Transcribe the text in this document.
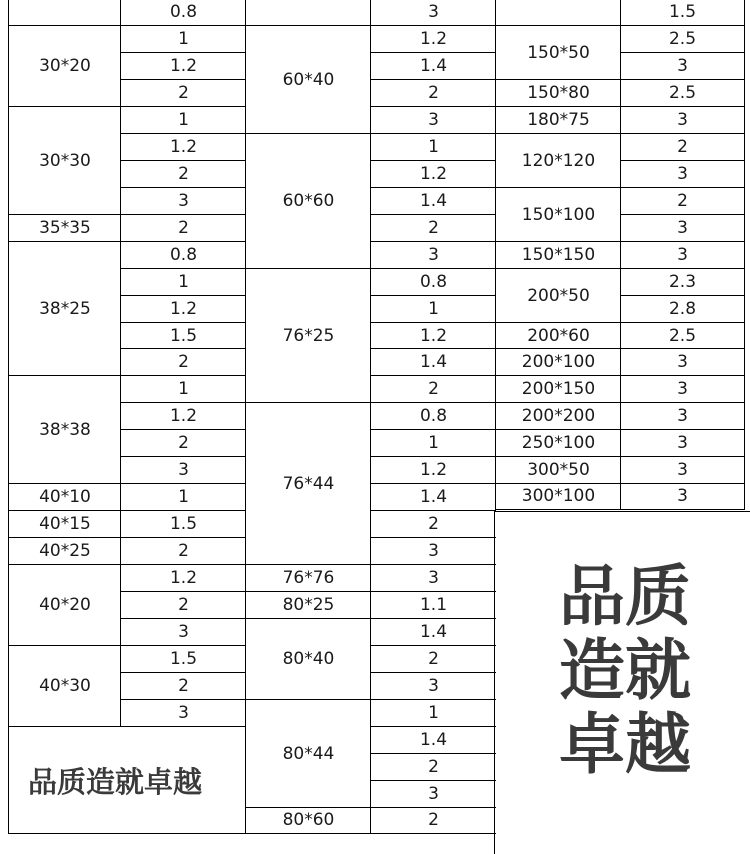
30*20
30*30
35*35
38*25
38*38
40*10
40*15
40*25
40*20
40*30
0.8
1
1.2
2
1
1.2
2
3
2
0.8
1
1.2
1.5
2
1
1.2
2
3
1
1.5
2
1.2
2
3
1.5
2
3
60*40
60*60
76*25
76*44
76*76
80*25
80*40
80*44
80*60
3
1.2
1.4
2
3
1
1.2
1.4
2
3
0.8
1
1.2
1.4
2
0.8
1
1.2
1.4
2
3
3
1.1
1.4
2
3
1
1.4
2
3
2
150*50
150*80
180*75
120*120
150*100
150*150
200*50
200*60
200*100
200*150
200*200
250*100
300*50
300*100
1.5
2.5
3
2.5
3
2
3
2
3
3
2.3
2.8
2.5
3
3
3
3
3
3
品质造就卓越
品质
造就
卓越
